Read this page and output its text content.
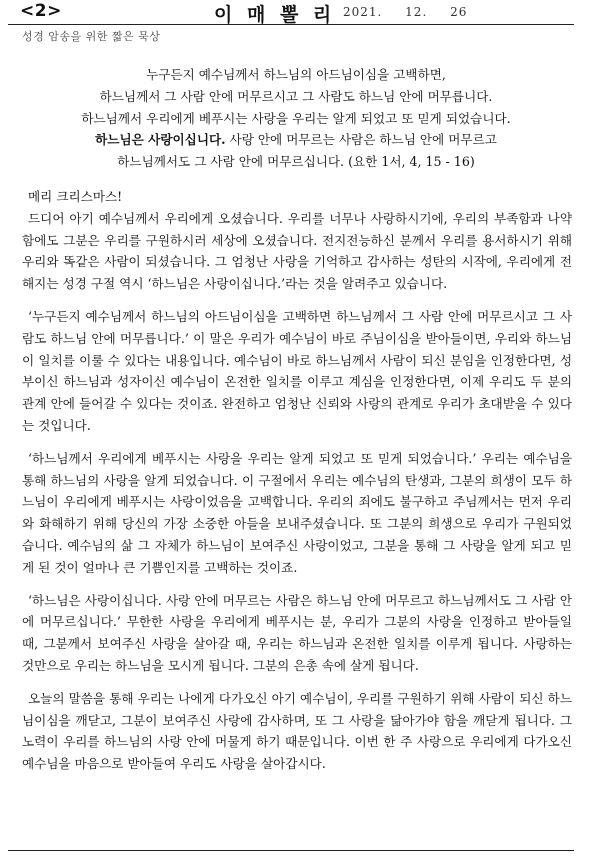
<2>	이 매 뽈 리 2021. 12. 26
성경 암송을 위한 짧은 묵상
누구든지 예수님께서 하느님의 아드님이심을 고백하면,
하느님께서 그 사람 안에 머무르시고 그 사람도 하느님 안에 머무릅니다.
하느님께서 우리에게 베푸시는 사랑을 우리는 알게 되었고 또 믿게 되었습니다.
하느님은 사랑이십니다. 사랑 안에 머무르는 사람은 하느님 안에 머무르고
하느님께서도 그 사람 안에 머무르십니다. (요한 1서, 4, 15 - 16)

메리 크리스마스!

드디어 아기 예수님께서 우리에게 오셨습니다. 우리를 너무나 사랑하시기에, 우리의 부족함과 나약함에도 그분은 우리를 구원하시러 세상에 오셨습니다. 전지전능하신 분께서 우리를 용서하시기 위해 우리와 똑같은 사람이 되셨습니다. 그 엄청난 사랑을 기억하고 감사하는 성탄의 시작에, 우리에게 전해지는 성경 구절 역시 ‘하느님은 사랑이십니다.’라는 것을 알려주고 있습니다.

‘누구든지 예수님께서 하느님의 아드님이심을 고백하면 하느님께서 그 사람 안에 머무르시고 그 사람도 하느님 안에 머무릅니다.’ 이 말은 우리가 예수님이 바로 주님이심을 받아들이면, 우리와 하느님이 일치를 이룰 수 있다는 내용입니다. 예수님이 바로 하느님께서 사람이 되신 분임을 인정한다면, 성부이신 하느님과 성자이신 예수님이 온전한 일치를 이루고 계심을 인정한다면, 이제 우리도 두 분의 관계 안에 들어갈 수 있다는 것이죠. 완전하고 엄청난 신뢰와 사랑의 관계로 우리가 초대받을 수 있다는 것입니다.

‘하느님께서 우리에게 베푸시는 사랑을 우리는 알게 되었고 또 믿게 되었습니다.’ 우리는 예수님을 통해 하느님의 사랑을 알게 되었습니다. 이 구절에서 우리는 예수님의 탄생과, 그분의 희생이 모두 하느님이 우리에게 베푸시는 사랑이었음을 고백합니다. 우리의 죄에도 불구하고 주님께서는 먼저 우리와 화해하기 위해 당신의 가장 소중한 아들을 보내주셨습니다. 또 그분의 희생으로 우리가 구원되었습니다. 예수님의 삶 그 자체가 하느님이 보여주신 사랑이었고, 그분을 통해 그 사랑을 알게 되고 믿게 된 것이 얼마나 큰 기쁨인지를 고백하는 것이죠.

‘하느님은 사랑이십니다. 사랑 안에 머무르는 사람은 하느님 안에 머무르고 하느님께서도 그 사람 안에 머무르십니다.’ 무한한 사랑을 우리에게 베푸시는 분, 우리가 그분의 사랑을 인정하고 받아들일 때, 그분께서 보여주신 사랑을 살아갈 때, 우리는 하느님과 온전한 일치를 이루게 됩니다. 사랑하는 것만으로 우리는 하느님을 모시게 됩니다. 그분의 은총 속에 살게 됩니다.

오늘의 말씀을 통해 우리는 나에게 다가오신 아기 예수님이, 우리를 구원하기 위해 사람이 되신 하느님이심을 깨닫고, 그분이 보여주신 사랑에 감사하며, 또 그 사랑을 닮아가야 함을 깨닫게 됩니다. 그 노력이 우리를 하느님의 사랑 안에 머물게 하기 때문입니다. 이번 한 주 사랑으로 우리에게 다가오신 예수님을 마음으로 받아들여 우리도 사랑을 살아갑시다.
